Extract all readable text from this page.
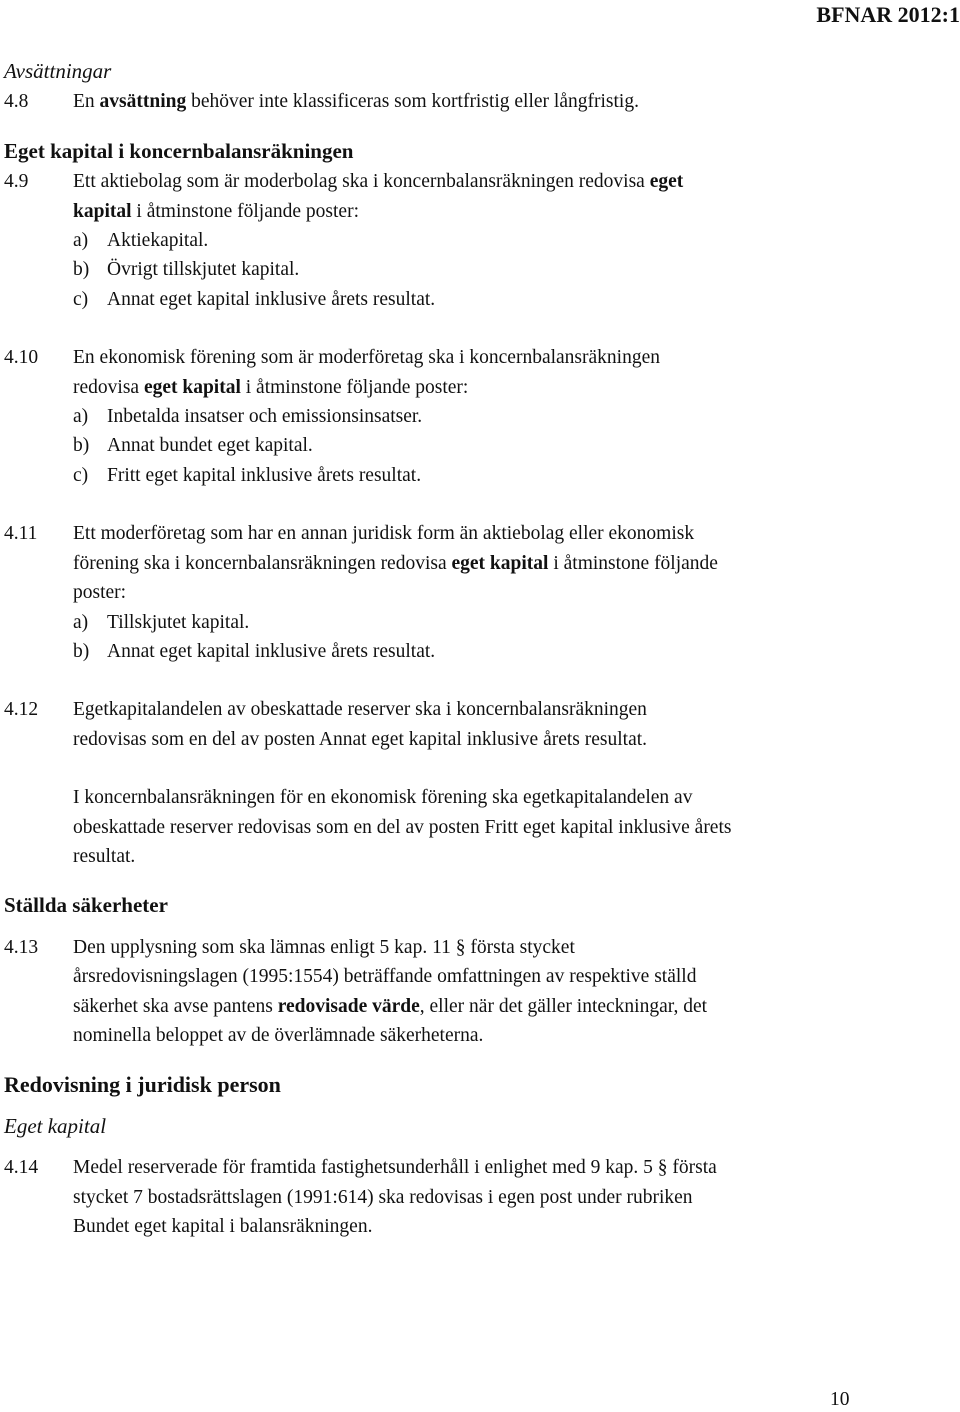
BFNAR 2012:1
Avsättningar
4.8	En avsättning behöver inte klassificeras som kortfristig eller långfristig.
Eget kapital i koncernbalansräkningen
4.9	Ett aktiebolag som är moderbolag ska i koncernbalansräkningen redovisa eget kapital i åtminstone följande poster:
a) Aktiekapital.
b) Övrigt tillskjutet kapital.
c) Annat eget kapital inklusive årets resultat.
4.10	En ekonomisk förening som är moderföretag ska i koncernbalansräkningen redovisa eget kapital i åtminstone följande poster:
a) Inbetalda insatser och emissionsinsatser.
b) Annat bundet eget kapital.
c) Fritt eget kapital inklusive årets resultat.
4.11	Ett moderföretag som har en annan juridisk form än aktiebolag eller ekonomisk förening ska i koncernbalansräkningen redovisa eget kapital i åtminstone följande poster:
a) Tillskjutet kapital.
b) Annat eget kapital inklusive årets resultat.
4.12	Egetkapitalandelen av obeskattade reserver ska i koncernbalansräkningen redovisas som en del av posten Annat eget kapital inklusive årets resultat.
I koncernbalansräkningen för en ekonomisk förening ska egetkapitalandelen av obeskattade reserver redovisas som en del av posten Fritt eget kapital inklusive årets resultat.
Ställda säkerheter
4.13	Den upplysning som ska lämnas enligt 5 kap. 11 § första stycket årsredovisningslagen (1995:1554) beträffande omfattningen av respektive ställd säkerhet ska avse pantens redovisade värde, eller när det gäller inteckningar, det nominella beloppet av de överlämnade säkerheterna.
Redovisning i juridisk person
Eget kapital
4.14	Medel reserverade för framtida fastighetsunderhåll i enlighet med 9 kap. 5 § första stycket 7 bostadsrättslagen (1991:614) ska redovisas i egen post under rubriken Bundet eget kapital i balansräkningen.
10
